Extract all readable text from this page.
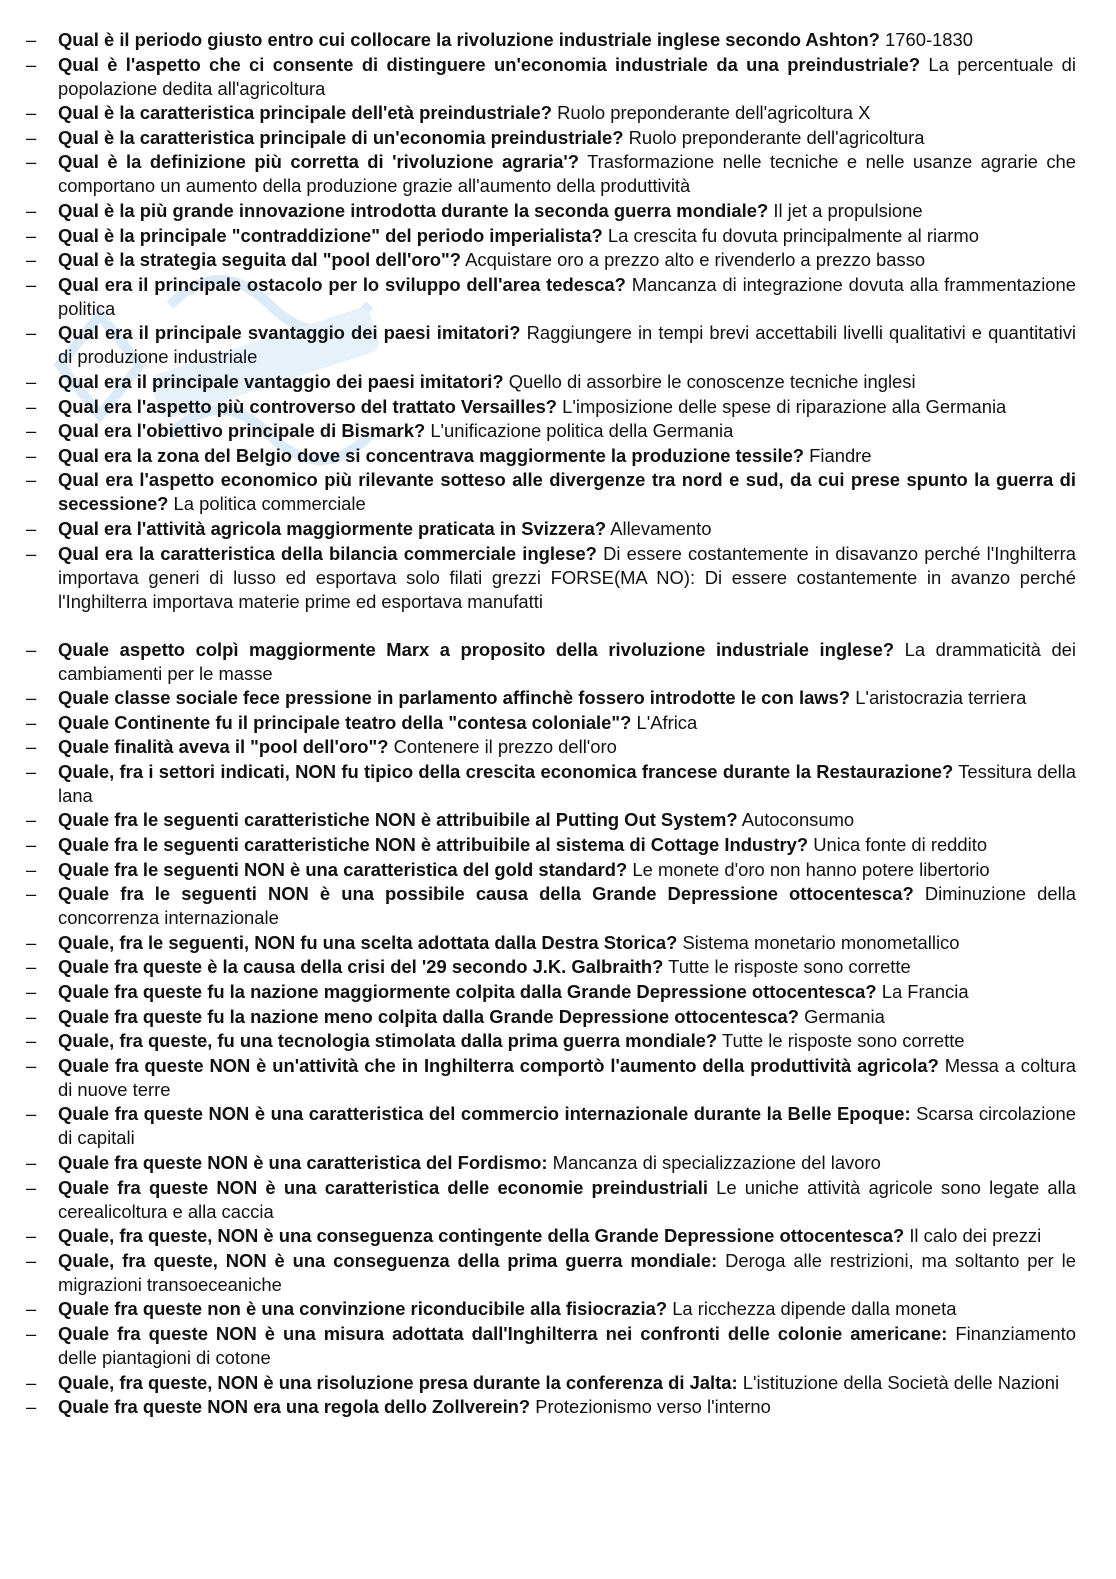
–	Qual è il periodo giusto entro cui collocare la rivoluzione industriale inglese secondo Ashton? 1760-1830
–	Qual è l'aspetto che ci consente di distinguere un'economia industriale da una preindustriale? La percentuale di popolazione dedita all'agricoltura
–	Qual è la caratteristica principale dell'età preindustriale? Ruolo preponderante dell'agricoltura X
–	Qual è la caratteristica principale di un'economia preindustriale? Ruolo preponderante dell'agricoltura
–	Qual è la definizione più corretta di 'rivoluzione agraria'? Trasformazione nelle tecniche e nelle usanze agrarie che comportano un aumento della produzione grazie all'aumento della produttività
–	Qual è la più grande innovazione introdotta durante la seconda guerra mondiale? Il jet a propulsione
–	Qual è la principale "contraddizione" del periodo imperialista? La crescita fu dovuta principalmente al riarmo
–	Qual è la strategia seguita dal "pool dell'oro"? Acquistare oro a prezzo alto e rivenderlo a prezzo basso
–	Qual era il principale ostacolo per lo sviluppo dell'area tedesca? Mancanza di integrazione dovuta alla frammentazione politica
–	Qual era il principale svantaggio dei paesi imitatori? Raggiungere in tempi brevi accettabili livelli qualitativi e quantitativi di produzione industriale
–	Qual era il principale vantaggio dei paesi imitatori? Quello di assorbire le conoscenze tecniche inglesi
–	Qual era l'aspetto più controverso del trattato Versailles? L'imposizione delle spese di riparazione alla Germania
–	Qual era l'obiettivo principale di Bismark? L'unificazione politica della Germania
–	Qual era la zona del Belgio dove si concentrava maggiormente la produzione tessile? Fiandre
–	Qual era l'aspetto economico più rilevante sotteso alle divergenze tra nord e sud, da cui prese spunto la guerra di secessione? La politica commerciale
–	Qual era l'attività agricola maggiormente praticata in Svizzera? Allevamento
–	Qual era la caratteristica della bilancia commerciale inglese? Di essere costantemente in disavanzo perché l'Inghilterra importava generi di lusso ed esportava solo filati grezzi FORSE(MA NO): Di essere costantemente in avanzo perché l'Inghilterra importava materie prime ed esportava manufatti
–	Quale aspetto colpì maggiormente Marx a proposito della rivoluzione industriale inglese? La drammaticità dei cambiamenti per le masse
–	Quale classe sociale fece pressione in parlamento affinchè fossero introdotte le con laws? L'aristocrazia terriera
–	Quale Continente fu il principale teatro della "contesa coloniale"? L'Africa
–	Quale finalità aveva il "pool dell'oro"? Contenere il prezzo dell'oro
–	Quale, fra i settori indicati, NON fu tipico della crescita economica francese durante la Restaurazione? Tessitura della lana
–	Quale fra le seguenti caratteristiche NON è attribuibile al Putting Out System? Autoconsumo
–	Quale fra le seguenti caratteristiche NON è attribuibile al sistema di Cottage Industry? Unica fonte di reddito
–	Quale fra le seguenti NON è una caratteristica del gold standard? Le monete d'oro non hanno potere libertorio
–	Quale fra le seguenti NON è una possibile causa della Grande Depressione ottocentesca? Diminuzione della concorrenza internazionale
–	Quale, fra le seguenti, NON fu una scelta adottata dalla Destra Storica? Sistema monetario monometallico
–	Quale fra queste è la causa della crisi del '29 secondo J.K. Galbraith? Tutte le risposte sono corrette
–	Quale fra queste fu la nazione maggiormente colpita dalla Grande Depressione ottocentesca? La Francia
–	Quale fra queste fu la nazione meno colpita dalla Grande Depressione ottocentesca? Germania
–	Quale, fra queste, fu una tecnologia stimolata dalla prima guerra mondiale? Tutte le risposte sono corrette
–	Quale fra queste NON è un'attività che in Inghilterra comportò l'aumento della produttività agricola? Messa a coltura di nuove terre
–	Quale fra queste NON è una caratteristica del commercio internazionale durante la Belle Epoque: Scarsa circolazione di capitali
–	Quale fra queste NON è una caratteristica del Fordismo: Mancanza di specializzazione del lavoro
–	Quale fra queste NON è una caratteristica delle economie preindustriali Le uniche attività agricole sono legate alla cerealicoltura e alla caccia
–	Quale, fra queste, NON è una conseguenza contingente della Grande Depressione ottocentesca? Il calo dei prezzi
–	Quale, fra queste, NON è una conseguenza della prima guerra mondiale: Deroga alle restrizioni, ma soltanto per le migrazioni transoeceaniche
–	Quale fra queste non è una convinzione riconducibile alla fisiocrazia? La ricchezza dipende dalla moneta
–	Quale fra queste NON è una misura adottata dall'Inghilterra nei confronti delle colonie americane: Finanziamento delle piantagioni di cotone
–	Quale, fra queste, NON è una risoluzione presa durante la conferenza di Jalta: L'istituzione della Società delle Nazioni
–	Quale fra queste NON era una regola dello Zollverein? Protezionismo verso l'interno
